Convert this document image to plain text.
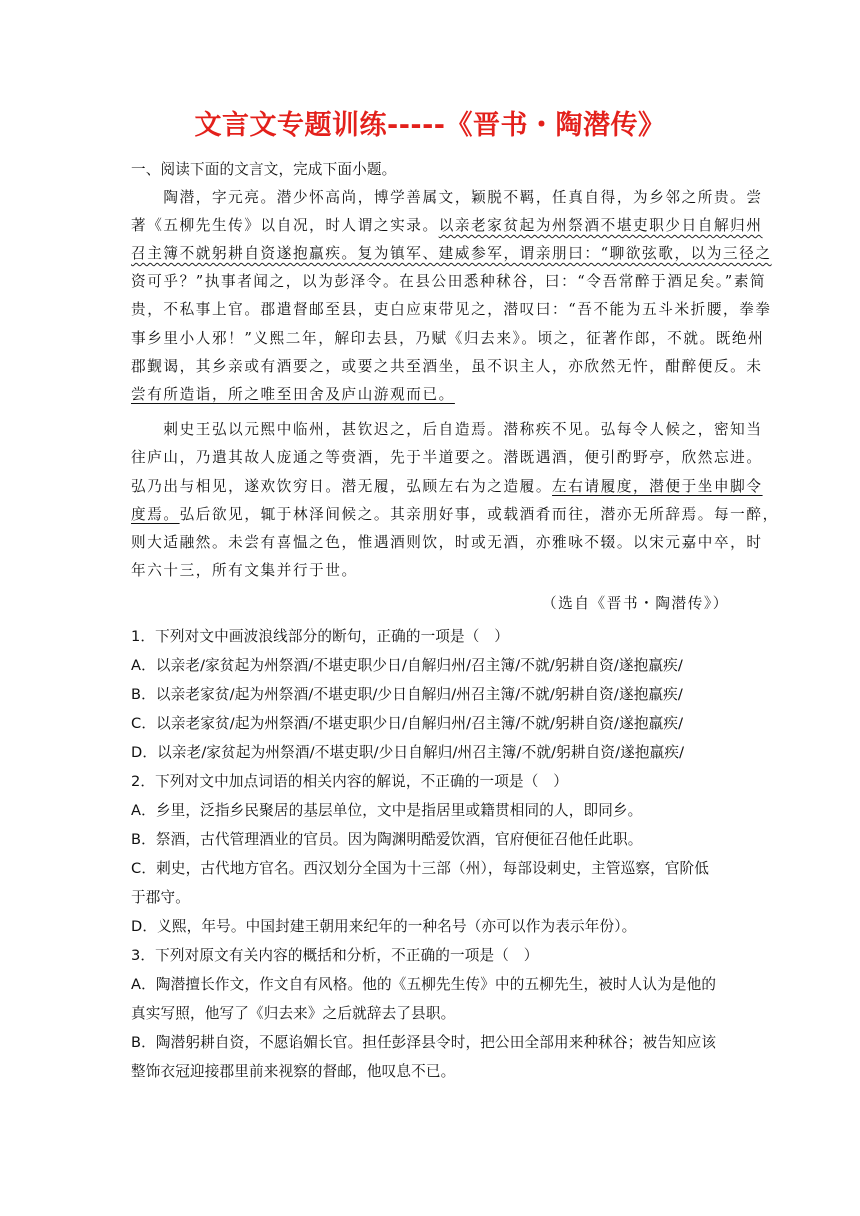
文言文专题训练-----《晋书・陶潜传》
一、阅读下面的文言文，完成下面小题。
　　陶潜，字元亮。潜少怀高尚，博学善属文，颖脱不羁，任真自得，为乡邻之所贵。尝
著《五柳先生传》以自况，时人谓之实录。以亲老家贫起为州祭酒不堪吏职少日自解归州
召主簿不就躬耕自资遂抱羸疾。复为镇军、建威参军，谓亲朋曰：“聊欲弦歌，以为三径之
资可乎？”执事者闻之，以为彭泽令。在县公田悉种秫谷，曰：“令吾常醉于酒足矣。”素简
贵，不私事上官。郡遣督邮至县，吏白应束带见之，潜叹曰：“吾不能为五斗米折腰，拳拳
事乡里小人邪！”义熙二年，解印去县，乃赋《归去来》。顷之，征著作郎，不就。既绝州
郡觐谒，其乡亲或有酒要之，或要之共至酒坐，虽不识主人，亦欣然无忤，酣醉便反。未
尝有所造诣，所之唯至田舍及庐山游观而已。
　　刺史王弘以元熙中临州，甚钦迟之，后自造焉。潜称疾不见。弘每令人候之，密知当
往庐山，乃遣其故人庞通之等赍酒，先于半道要之。潜既遇酒，便引酌野亭，欣然忘进。
弘乃出与相见，遂欢饮穷日。潜无履，弘顾左右为之造履。左右请履度，潜便于坐申脚令
度焉。弘后欲见，辄于林泽间候之。其亲朋好事，或载酒肴而往，潜亦无所辞焉。每一醉，
则大适融然。未尝有喜愠之色，惟遇酒则饮，时或无酒，亦雅咏不辍。以宋元嘉中卒，时
年六十三，所有文集并行于世。
（选自《晋书・陶潜传》）
1．下列对文中画波浪线部分的断句，正确的一项是（　）
A．以亲老/家贫起为州祭酒/不堪吏职少日/自解归州/召主簿/不就/躬耕自资/遂抱羸疾/
B．以亲老家贫/起为州祭酒/不堪吏职/少日自解归/州召主簿/不就/躬耕自资/遂抱羸疾/
C．以亲老家贫/起为州祭酒/不堪吏职少日/自解归州/召主簿/不就/躬耕自资/遂抱羸疾/
D．以亲老/家贫起为州祭酒/不堪吏职/少日自解归/州召主簿/不就/躬耕自资/遂抱羸疾/
2．下列对文中加点词语的相关内容的解说，不正确的一项是（　）
A．乡里，泛指乡民聚居的基层单位，文中是指居里或籍贯相同的人，即同乡。
B．祭酒，古代管理酒业的官员。因为陶渊明酷爱饮酒，官府便征召他任此职。
C．刺史，古代地方官名。西汉划分全国为十三部（州），每部设刺史，主管巡察，官阶低
于郡守。
D．义熙，年号。中国封建王朝用来纪年的一种名号（亦可以作为表示年份）。
3．下列对原文有关内容的概括和分析，不正确的一项是（　）
A．陶潜擅长作文，作文自有风格。他的《五柳先生传》中的五柳先生，被时人认为是他的
真实写照，他写了《归去来》之后就辞去了县职。
B．陶潜躬耕自资，不愿谄媚长官。担任彭泽县令时，把公田全部用来种秫谷；被告知应该
整饰衣冠迎接郡里前来视察的督邮，他叹息不已。
